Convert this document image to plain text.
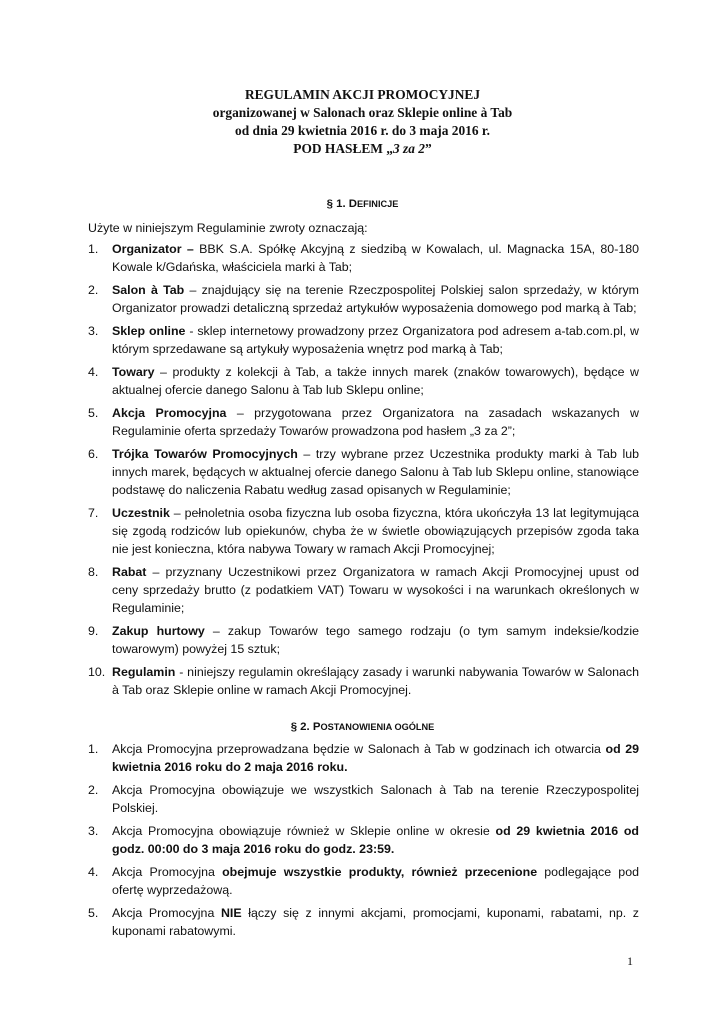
REGULAMIN AKCJI PROMOCYJNEJ
organizowanej w Salonach oraz Sklepie online à Tab
od dnia 29 kwietnia 2016 r. do 3 maja 2016 r.
POD HASŁEM „3 za 2”
§ 1. DEFINICJE
Użyte w niniejszym Regulaminie zwroty oznaczają:
1. Organizator – BBK S.A. Spółkę Akcyjną z siedzibą w Kowalach, ul. Magnacka 15A, 80-180 Kowale k/Gdańska, właściciela marki à Tab;
2. Salon à Tab – znajdujący się na terenie Rzeczpospolitej Polskiej salon sprzedaży, w którym Organizator prowadzi detaliczną sprzedaż artykułów wyposażenia domowego pod marką à Tab;
3. Sklep online - sklep internetowy prowadzony przez Organizatora pod adresem a-tab.com.pl, w którym sprzedawane są artykuły wyposażenia wnętrz pod marką à Tab;
4. Towary – produkty z kolekcji à Tab, a także innych marek (znaków towarowych), będące w aktualnej ofercie danego Salonu à Tab lub Sklepu online;
5. Akcja Promocyjna – przygotowana przez Organizatora na zasadach wskazanych w Regulaminie oferta sprzedaży Towarów prowadzona pod hasłem „3 za 2”;
6. Trójka Towarów Promocyjnych – trzy wybrane przez Uczestnika produkty marki à Tab lub innych marek, będących w aktualnej ofercie danego Salonu à Tab lub Sklepu online, stanowiące podstawę do naliczenia Rabatu według zasad opisanych w Regulaminie;
7. Uczestnik – pełnoletnia osoba fizyczna lub osoba fizyczna, która ukończyła 13 lat legitymująca się zgodą rodziców lub opiekunów, chyba że w świetle obowiązujących przepisów zgoda taka nie jest konieczna, która nabywa Towary w ramach Akcji Promocyjnej;
8. Rabat – przyznany Uczestnikowi przez Organizatora w ramach Akcji Promocyjnej upust od ceny sprzedaży brutto (z podatkiem VAT) Towaru w wysokości i na warunkach określonych w Regulaminie;
9. Zakup hurtowy – zakup Towarów tego samego rodzaju (o tym samym indeksie/kodzie towarowym) powyżej 15 sztuk;
10. Regulamin - niniejszy regulamin określający zasady i warunki nabywania Towarów w Salonach à Tab oraz Sklepie online w ramach Akcji Promocyjnej.
§ 2. POSTANOWIENIA OGÓLNE
1. Akcja Promocyjna przeprowadzana będzie w Salonach à Tab w godzinach ich otwarcia od 29 kwietnia 2016 roku do 2 maja 2016 roku.
2. Akcja Promocyjna obowiązuje we wszystkich Salonach à Tab na terenie Rzeczypospolitej Polskiej.
3. Akcja Promocyjna obowiązuje również w Sklepie online w okresie od 29 kwietnia 2016 od godz. 00:00 do 3 maja 2016 roku do godz. 23:59.
4. Akcja Promocyjna obejmuje wszystkie produkty, również przecenione podlegające pod ofertę wyprzedażową.
5. Akcja Promocyjna NIE łączy się z innymi akcjami, promocjami, kuponami, rabatami, np. z kuponami rabatowymi.
1
